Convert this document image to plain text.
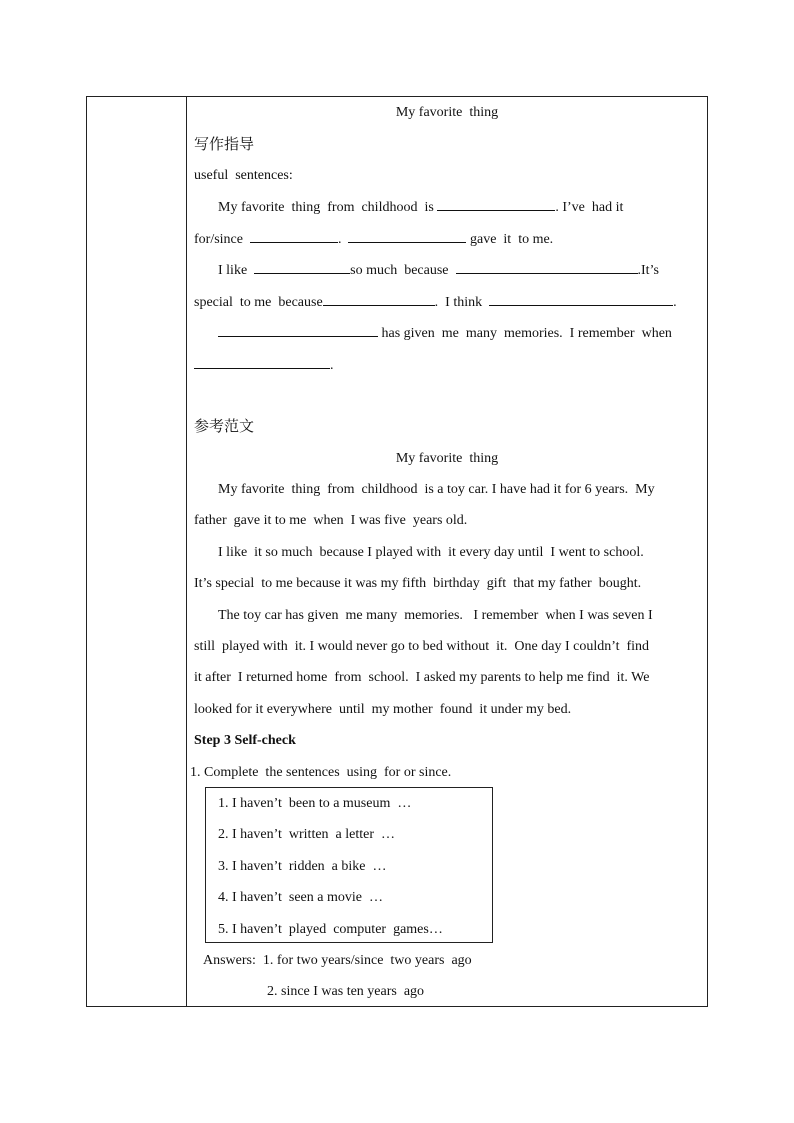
My favorite  thing
写作指导
useful  sentences:
My favorite  thing  from  childhood  is	. I’ve  had it
for/since	.	gave  it  to me.
I like	so much  because	.It’s
special  to me  because	.  I think	.
has given  me  many  memories.  I remember  when
.
参考范文
My favorite  thing
My favorite  thing  from  childhood  is a toy car. I have had it for 6 years.  My
father  gave it to me  when  I was five  years old.
I like  it so much  because I played with  it every day until  I went to school.
It’s special  to me because it was my fifth  birthday  gift  that my father  bought.
The toy car has given  me many  memories.   I remember  when I was seven I
still  played with  it. I would never go to bed without  it.  One day I couldn’t  find
it after  I returned home  from  school.  I asked my parents to help me find  it. We
looked for it everywhere  until  my mother  found  it under my bed.
Step 3 Self-check
1. Complete  the sentences  using  for or since.
1. I haven’t  been to a museum  …
2. I haven’t  written  a letter  …
3. I haven’t  ridden  a bike  …
4. I haven’t  seen a movie  …
5. I haven’t  played  computer  games…
Answers:  1. for two years/since  two years  ago
2. since I was ten years  ago
